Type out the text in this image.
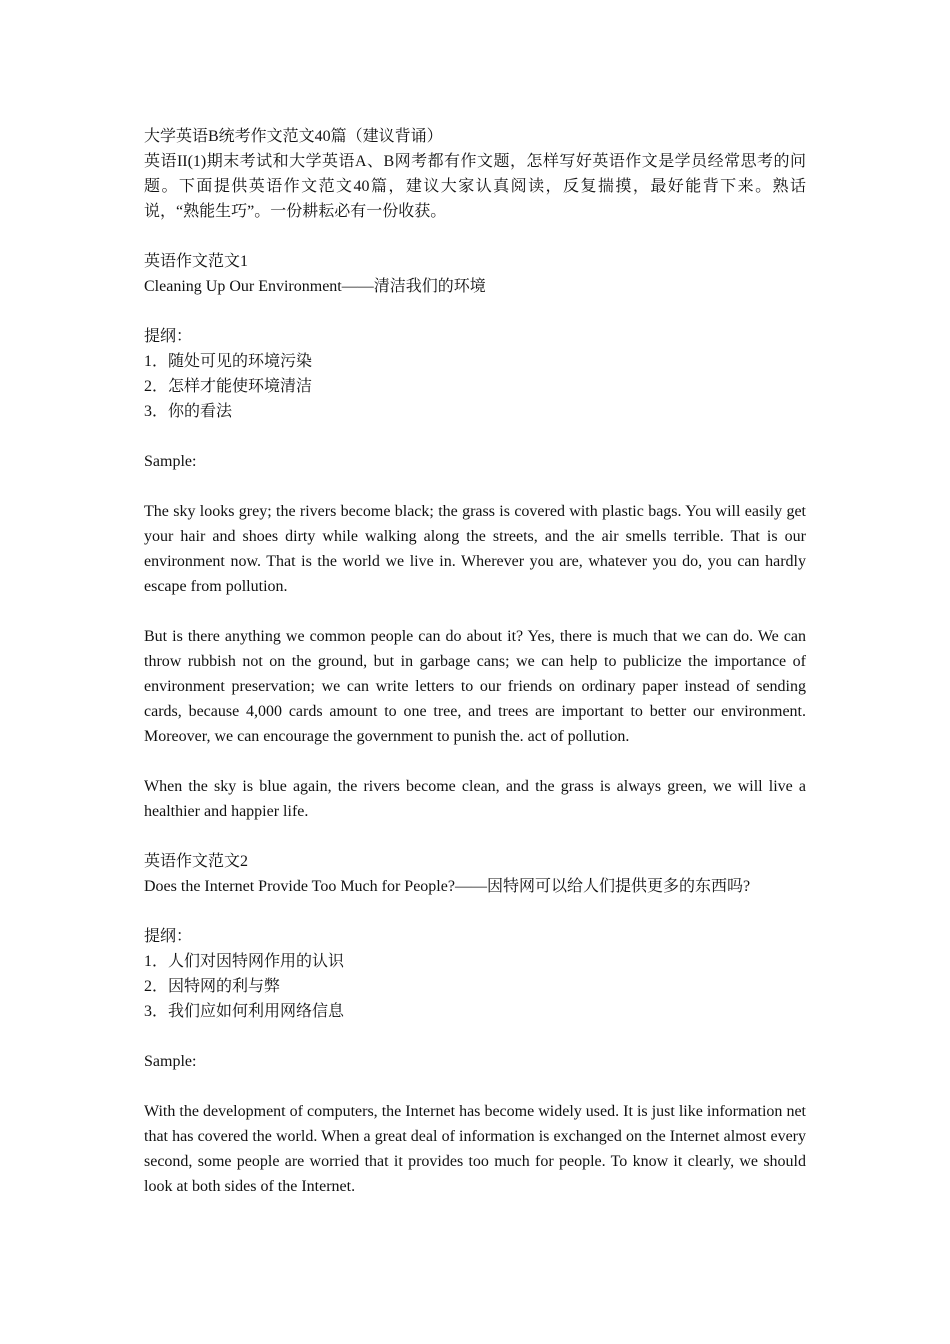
大学英语B统考作文范文40篇（建议背诵）
英语II(1)期末考试和大学英语A、B网考都有作文题，怎样写好英语作文是学员经常思考的问题。下面提供英语作文范文40篇，建议大家认真阅读，反复揣摸，最好能背下来。熟话说，“熟能生巧”。一份耕耘必有一份收获。
英语作文范文1
Cleaning Up Our Environment——清洁我们的环境
提纲：
1．随处可见的环境污染
2．怎样才能使环境清洁
3．你的看法
Sample:
The sky looks grey; the rivers become black; the grass is covered with plastic bags. You will easily get your hair and shoes dirty while walking along the streets, and the air smells terrible. That is our environment now. That is the world we live in. Wherever you are, whatever you do, you can hardly escape from pollution.
But is there anything we common people can do about it? Yes, there is much that we can do. We can throw rubbish not on the ground, but in garbage cans; we can help to publicize the importance of environment preservation; we can write letters to our friends on ordinary paper instead of sending cards, because 4,000 cards amount to one tree, and trees are important to better our environment. Moreover, we can encourage the government to punish the. act of pollution.
When the sky is blue again, the rivers become clean, and the grass is always green, we will live a healthier and happier life.
英语作文范文2
Does the Internet Provide Too Much for People?——因特网可以给人们提供更多的东西吗?
提纲：
1．人们对因特网作用的认识
2．因特网的利与弊
3．我们应如何利用网络信息
Sample:
With the development of computers, the Internet has become widely used. It is just like information net that has covered the world. When a great deal of information is exchanged on the Internet almost every second, some people are worried that it provides too much for people. To know it clearly, we should look at both sides of the Internet.
